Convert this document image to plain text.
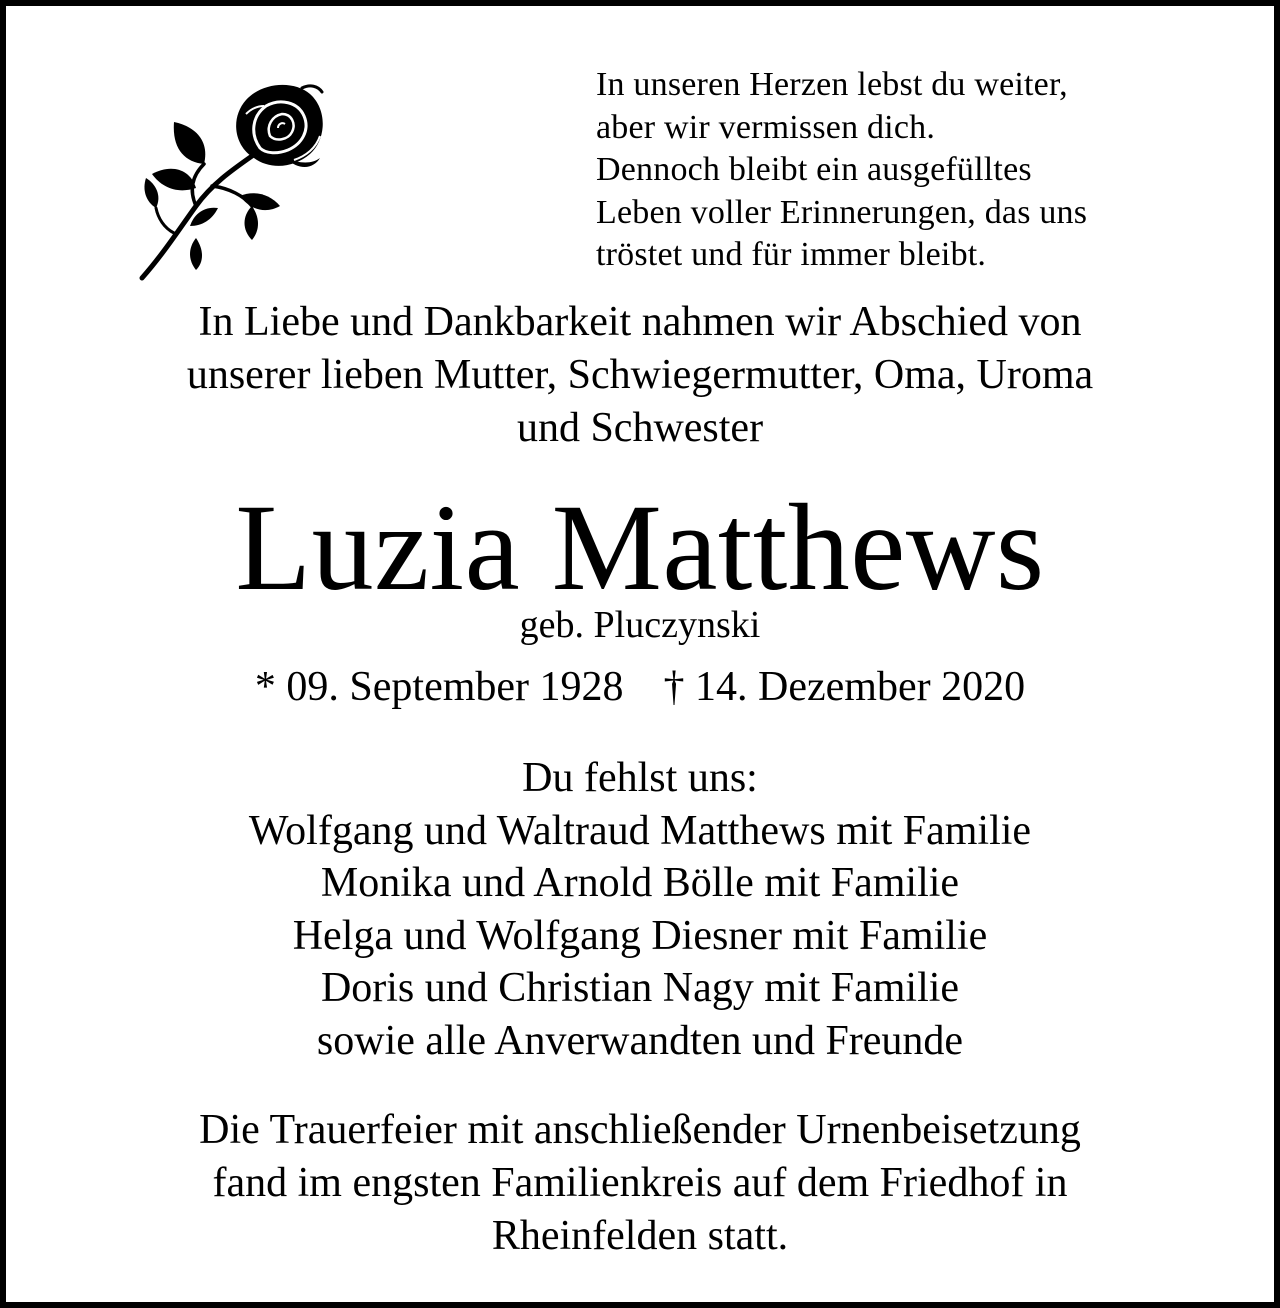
In unseren Herzen lebst du weiter,
aber wir vermissen dich.
Dennoch bleibt ein ausgefülltes
Leben voller Erinnerungen, das uns
tröstet und für immer bleibt.
In Liebe und Dankbarkeit nahmen wir Abschied von
unserer lieben Mutter, Schwiegermutter, Oma, Uroma
und Schwester
Luzia Matthews
geb. Pluczynski
* 09. September 1928 † 14. Dezember 2020
Du fehlst uns:
Wolfgang und Waltraud Matthews mit Familie
Monika und Arnold Bölle mit Familie
Helga und Wolfgang Diesner mit Familie
Doris und Christian Nagy mit Familie
sowie alle Anverwandten und Freunde
Die Trauerfeier mit anschließender Urnenbeisetzung
fand im engsten Familienkreis auf dem Friedhof in
Rheinfelden statt.
